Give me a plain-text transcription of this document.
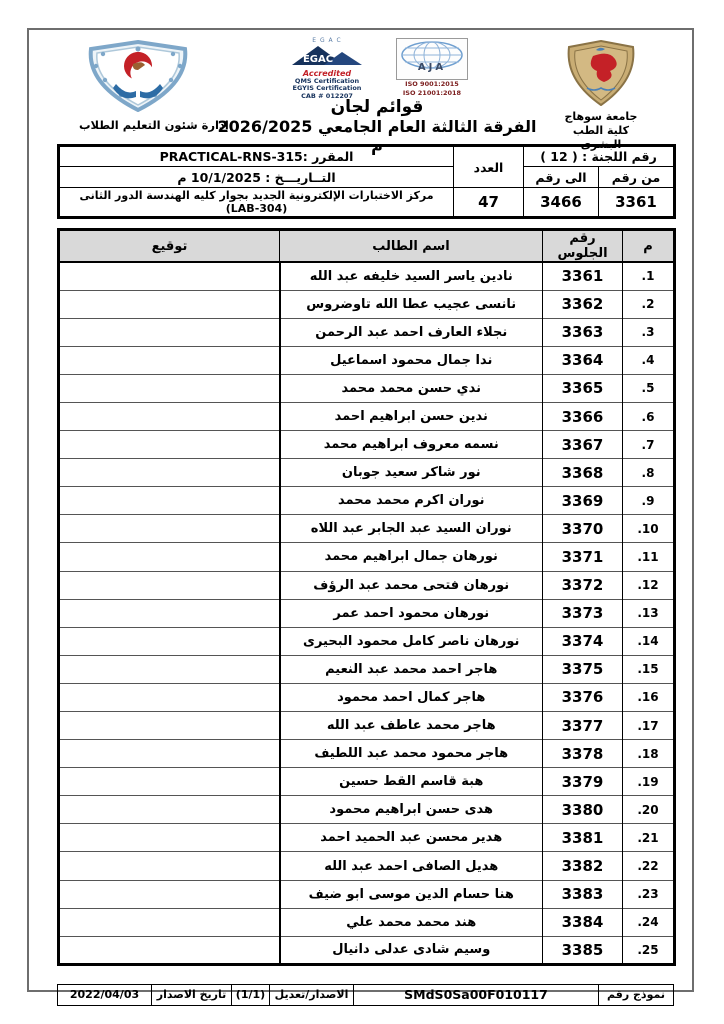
إدارة شئون التعليم الطلاب
E G A C
EGAC
Accredited
QMS Certification
EGYIS Certification
CAB # 012207
AJA
ISO 9001:2015
ISO 21001:2018
قوائم لجان
الفرقة الثالثة العام الجامعي 2026/2025 م
جامعة سوهاج
كلية الطب البشرى
رقم اللجنة : ( 12 )		العدد	المقرر :PRACTICAL-RNS-315
من رقم	الى رقم		التــاريـــخ : 10/1/2025 م
3361	3466	47	مركز الاختبارات الإلكترونية الجديد بجوار كليه الهندسة الدور الثانى (LAB-304)
م	رقم الجلوس	اسم الطالب	توقيع
1.	3361	نادين ياسر السيد خليفه عبد الله	
2.	3362	نانسى عجيب عطا الله تاوضروس	
3.	3363	نجلاء العارف احمد عبد الرحمن	
4.	3364	ندا جمال محمود اسماعيل	
5.	3365	ندي حسن محمد محمد	
6.	3366	ندين حسن ابراهيم احمد	
7.	3367	نسمه معروف ابراهيم محمد	
8.	3368	نور شاكر سعيد جوبان	
9.	3369	نوران اكرم محمد محمد	
10.	3370	نوران السيد عبد الجابر عبد اللاه	
11.	3371	نورهان جمال ابراهيم محمد	
12.	3372	نورهان فتحى محمد عبد الرؤف	
13.	3373	نورهان محمود احمد عمر	
14.	3374	نورهان ناصر كامل محمود البحيرى	
15.	3375	هاجر احمد محمد عبد النعيم	
16.	3376	هاجر كمال احمد محمود	
17.	3377	هاجر محمد عاطف عبد الله	
18.	3378	هاجر محمود محمد عبد اللطيف	
19.	3379	هبة قاسم القط حسين	
20.	3380	هدى حسن ابراهيم محمود	
21.	3381	هدير محسن عبد الحميد احمد	
22.	3382	هديل الصافى احمد عبد الله	
23.	3383	هنا حسام الدين موسى ابو ضيف	
24.	3384	هند محمد محمد علي	
25.	3385	وسيم شادى عدلى دانيال	
نموذج رقم	SMdS0Sa00F010117	الاصدار/تعديل	(1/1)	تاريخ الاصدار	2022/04/03
